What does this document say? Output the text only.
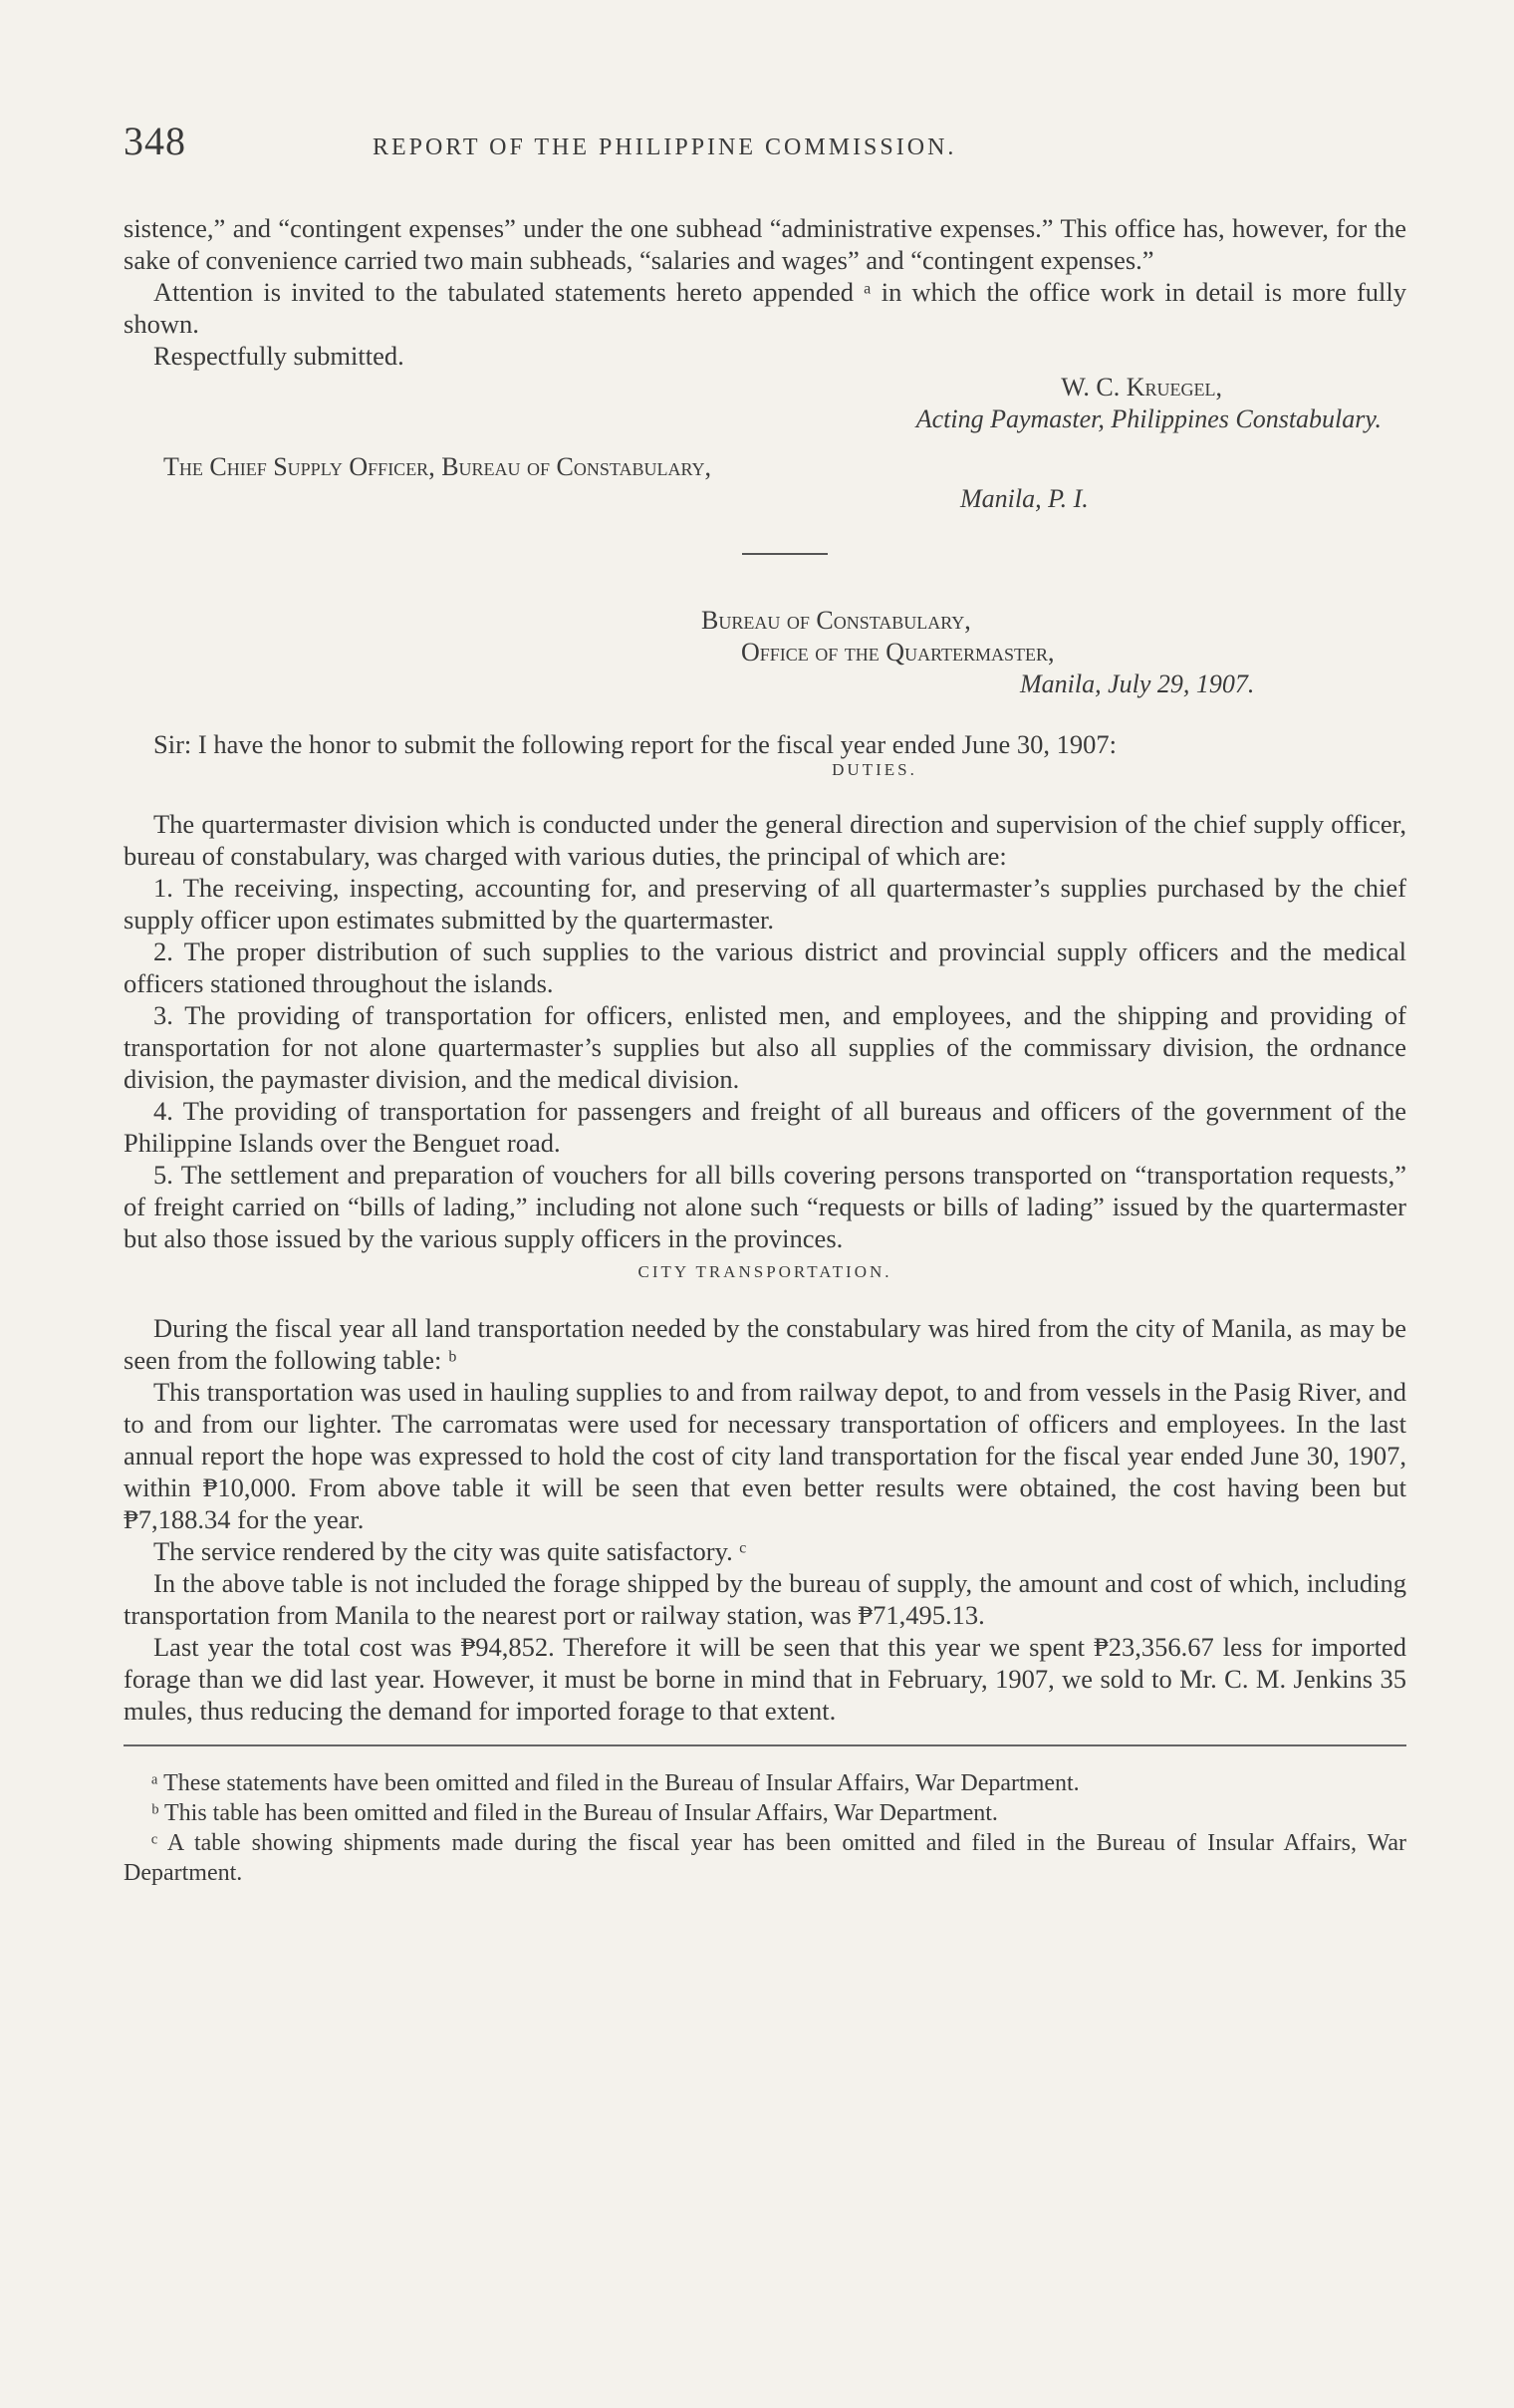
348	REPORT OF THE PHILIPPINE COMMISSION.

sistence,” and “contingent expenses” under the one subhead “administrative expenses.” This office has, however, for the sake of convenience carried two main subheads, “salaries and wages” and “contingent expenses.”

Attention is invited to the tabulated statements hereto appended ᵃ in which the office work in detail is more fully shown.

Respectfully submitted.

W. C. Kruegel,
Acting Paymaster, Philippines Constabulary.
The Chief Supply Officer, Bureau of Constabulary,
Manila, P. I.
Bureau of Constabulary,
Office of the Quartermaster,
Manila, July 29, 1907.

Sir: I have the honor to submit the following report for the fiscal year ended June 30, 1907:

DUTIES.

The quartermaster division which is conducted under the general direction and supervision of the chief supply officer, bureau of constabulary, was charged with various duties, the principal of which are:

1. The receiving, inspecting, accounting for, and preserving of all quartermaster’s supplies purchased by the chief supply officer upon estimates submitted by the quartermaster.

2. The proper distribution of such supplies to the various district and provincial supply officers and the medical officers stationed throughout the islands.

3. The providing of transportation for officers, enlisted men, and employees, and the shipping and providing of transportation for not alone quartermaster’s supplies but also all supplies of the commissary division, the ordnance division, the paymaster division, and the medical division.

4. The providing of transportation for passengers and freight of all bureaus and officers of the government of the Philippine Islands over the Benguet road.

5. The settlement and preparation of vouchers for all bills covering persons transported on “transportation requests,” of freight carried on “bills of lading,” including not alone such “requests or bills of lading” issued by the quartermaster but also those issued by the various supply officers in the provinces.

CITY TRANSPORTATION.

During the fiscal year all land transportation needed by the constabulary was hired from the city of Manila, as may be seen from the following table: ᵇ

This transportation was used in hauling supplies to and from railway depot, to and from vessels in the Pasig River, and to and from our lighter. The carromatas were used for necessary transportation of officers and employees. In the last annual report the hope was expressed to hold the cost of city land transportation for the fiscal year ended June 30, 1907, within ₱10,000. From above table it will be seen that even better results were obtained, the cost having been but ₱7,188.34 for the year.

The service rendered by the city was quite satisfactory. ᶜ

In the above table is not included the forage shipped by the bureau of supply, the amount and cost of which, including transportation from Manila to the nearest port or railway station, was ₱71,495.13.

Last year the total cost was ₱94,852. Therefore it will be seen that this year we spent ₱23,356.67 less for imported forage than we did last year. However, it must be borne in mind that in February, 1907, we sold to Mr. C. M. Jenkins 35 mules, thus reducing the demand for imported forage to that extent.

ᵃ These statements have been omitted and filed in the Bureau of Insular Affairs, War Department.

ᵇ This table has been omitted and filed in the Bureau of Insular Affairs, War Department.

ᶜ A table showing shipments made during the fiscal year has been omitted and filed in the Bureau of Insular Affairs, War Department.
